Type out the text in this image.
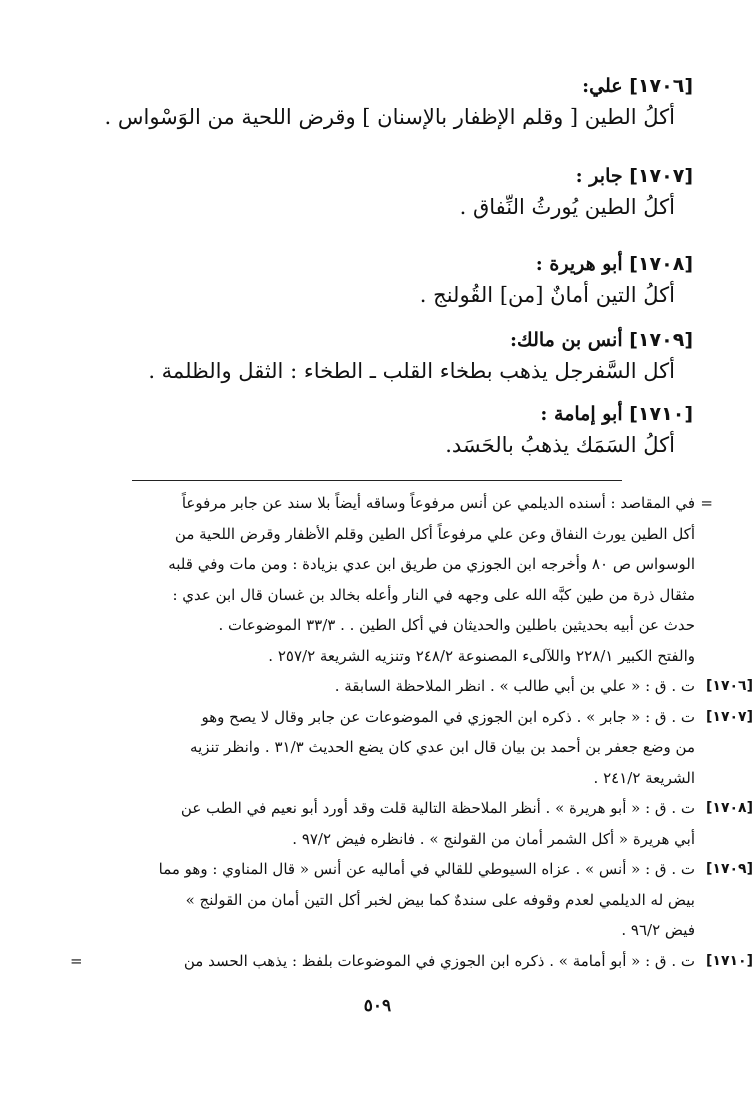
[١٧٠٦] علي:
أكلُ الطين [ وقلم الإظفار بالإسنان ] وقرض اللحية من الوَسْواس .
[١٧٠٧] جابر :
أكلُ الطين يُورثُ النِّفاق .
[١٧٠٨] أبو هريرة :
أكلُ التين أمانٌ [من] القُولنج .
[١٧٠٩] أنس بن مالك:
أكل السَّفرجل يذهب بطخاء القلب ـ الطخاء : الثقل والظلمة .
[١٧١٠] أبو إمامة :
أكلُ السَمَك يذهبُ بالحَسَد.
=

في المقاصد : أسنده الديلمي عن أنس مرفوعاً وساقه أيضاً بلا سند عن جابر مرفوعاً

أكل الطين يورث النفاق وعن علي مرفوعاً أكل الطين وقلم الأظفار وقرض اللحية من

الوسواس ص ٨٠ وأخرجه ابن الجوزي من طريق ابن عدي بزيادة : ومن مات وفي قلبه

مثقال ذرة من طين كبَّه الله على وجهه في النار وأعله بخالد بن غسان قال ابن عدي :

حدث عن أبيه بحديثين باطلين والحديثان في أكل الطين . . ٣٣/٣ الموضوعات .

والفتح الكبير ٢٢٨/١ واللآلىء المصنوعة ٢٤٨/٢ وتنزيه الشريعة ٢٥٧/٢ .

[١٧٠٦]

ت . ق : « علي بن أبي طالب » . انظر الملاحظة السابقة .

[١٧٠٧]

ت . ق : « جابر » . ذكره ابن الجوزي في الموضوعات عن جابر وقال لا يصح وهو

من وضع جعفر بن أحمد بن بيان قال ابن عدي كان يضع الحديث ٣١/٣ . وانظر تنزيه

الشريعة ٢٤١/٢ .

[١٧٠٨]

ت . ق : « أبو هريرة » . أنظر الملاحظة التالية قلت وقد أورد أبو نعيم في الطب عن

أبي هريرة « أكل الشمر أمان من القولنج » . فانظره فيض ٩٧/٢ .

[١٧٠٩]

ت . ق : « أنس » . عزاه السيوطي للقالي في أماليه عن أنس « قال المناوي : وهو مما

بيض له الديلمي لعدم وقوفه على سندهٌ كما بيض لخبر أكل التين أمان من القولنج »

فيض ٩٦/٢ .

[١٧١٠]

ت . ق : « أبو أمامة » . ذكره ابن الجوزي في الموضوعات بلفظ : يذهب الحسد من

=
٥٠٩
